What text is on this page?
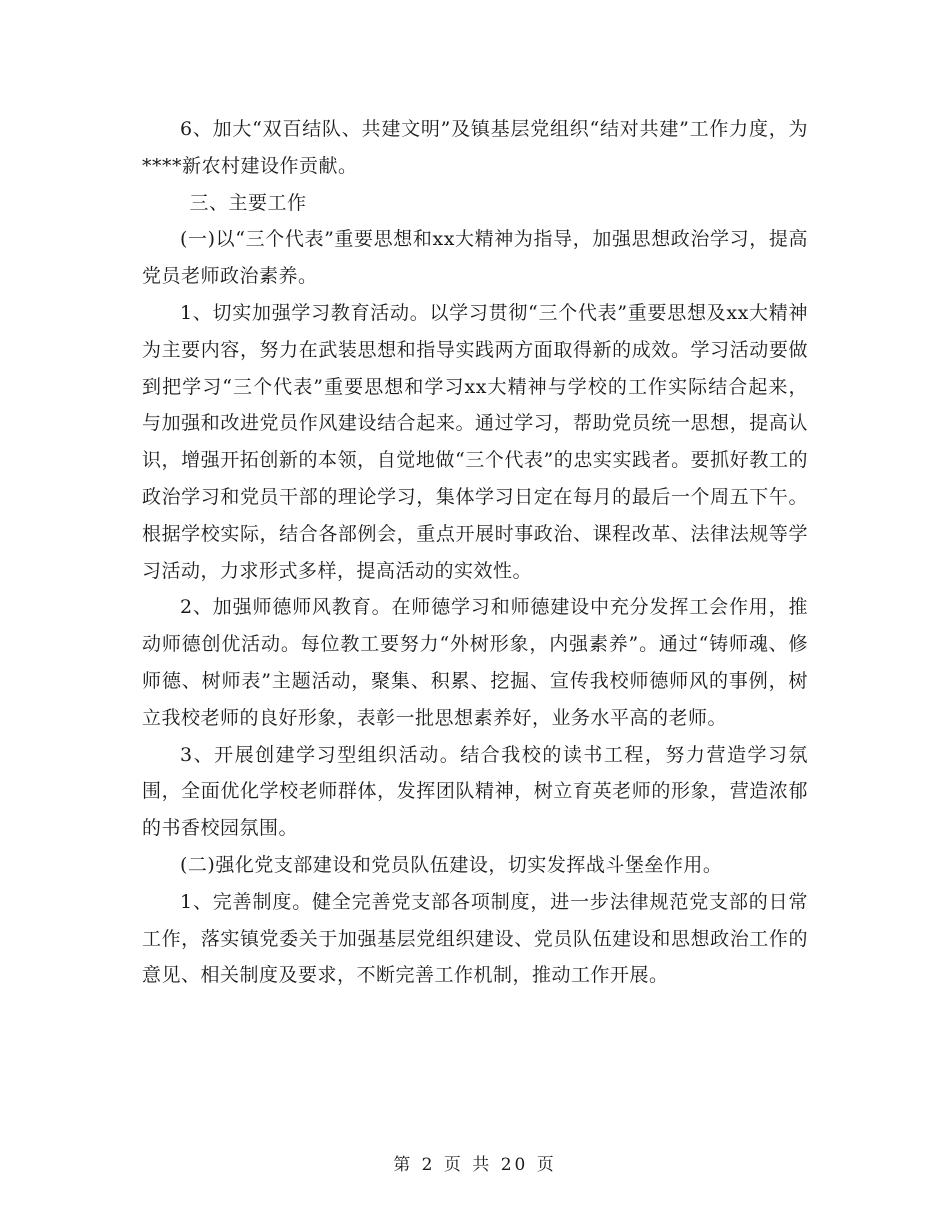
6、加大“双百结队、共建文明”及镇基层党组织“结对共建”工作力度，为****新农村建设作贡献。

三、主要工作

(一)以“三个代表”重要思想和xx大精神为指导，加强思想政治学习，提高党员老师政治素养。

1、切实加强学习教育活动。以学习贯彻“三个代表”重要思想及xx大精神为主要内容，努力在武装思想和指导实践两方面取得新的成效。学习活动要做到把学习“三个代表”重要思想和学习xx大精神与学校的工作实际结合起来，与加强和改进党员作风建设结合起来。通过学习，帮助党员统一思想，提高认识，增强开拓创新的本领，自觉地做“三个代表”的忠实实践者。要抓好教工的政治学习和党员干部的理论学习，集体学习日定在每月的最后一个周五下午。根据学校实际，结合各部例会，重点开展时事政治、课程改革、法律法规等学习活动，力求形式多样，提高活动的实效性。

2、加强师德师风教育。在师德学习和师德建设中充分发挥工会作用，推动师德创优活动。每位教工要努力“外树形象，内强素养”。通过“铸师魂、修师德、树师表”主题活动，聚集、积累、挖掘、宣传我校师德师风的事例，树立我校老师的良好形象，表彰一批思想素养好，业务水平高的老师。

3、开展创建学习型组织活动。结合我校的读书工程，努力营造学习氛围，全面优化学校老师群体，发挥团队精神，树立育英老师的形象，营造浓郁的书香校园氛围。

(二)强化党支部建设和党员队伍建设，切实发挥战斗堡垒作用。

1、完善制度。健全完善党支部各项制度，进一步法律规范党支部的日常工作，落实镇党委关于加强基层党组织建设、党员队伍建设和思想政治工作的意见、相关制度及要求，不断完善工作机制，推动工作开展。

第 2 页 共 20 页
